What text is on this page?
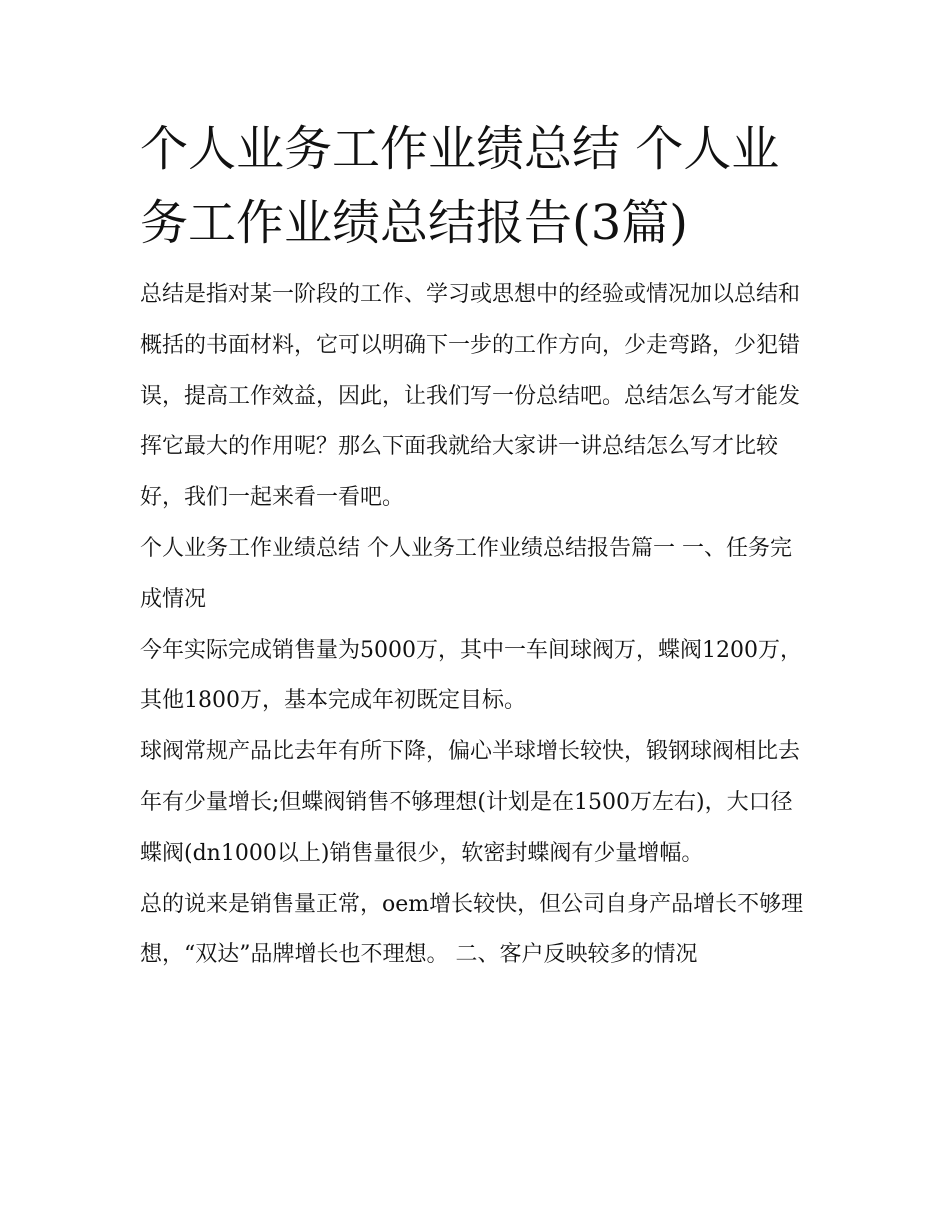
个人业务工作业绩总结 个人业务工作业绩总结报告(3篇)

总结是指对某一阶段的工作、学习或思想中的经验或情况加以总结和概括的书面材料，它可以明确下一步的工作方向，少走弯路，少犯错误，提高工作效益，因此，让我们写一份总结吧。总结怎么写才能发挥它最大的作用呢？那么下面我就给大家讲一讲总结怎么写才比较好，我们一起来看一看吧。

个人业务工作业绩总结 个人业务工作业绩总结报告篇一 一、任务完成情况

今年实际完成销售量为5000万，其中一车间球阀万，蝶阀1200万，其他1800万，基本完成年初既定目标。

球阀常规产品比去年有所下降，偏心半球增长较快，锻钢球阀相比去年有少量增长;但蝶阀销售不够理想(计划是在1500万左右)，大口径蝶阀(dn1000以上)销售量很少，软密封蝶阀有少量增幅。

总的说来是销售量正常，oem增长较快，但公司自身产品增长不够理想，“双达”品牌增长也不理想。 二、客户反映较多的情况
